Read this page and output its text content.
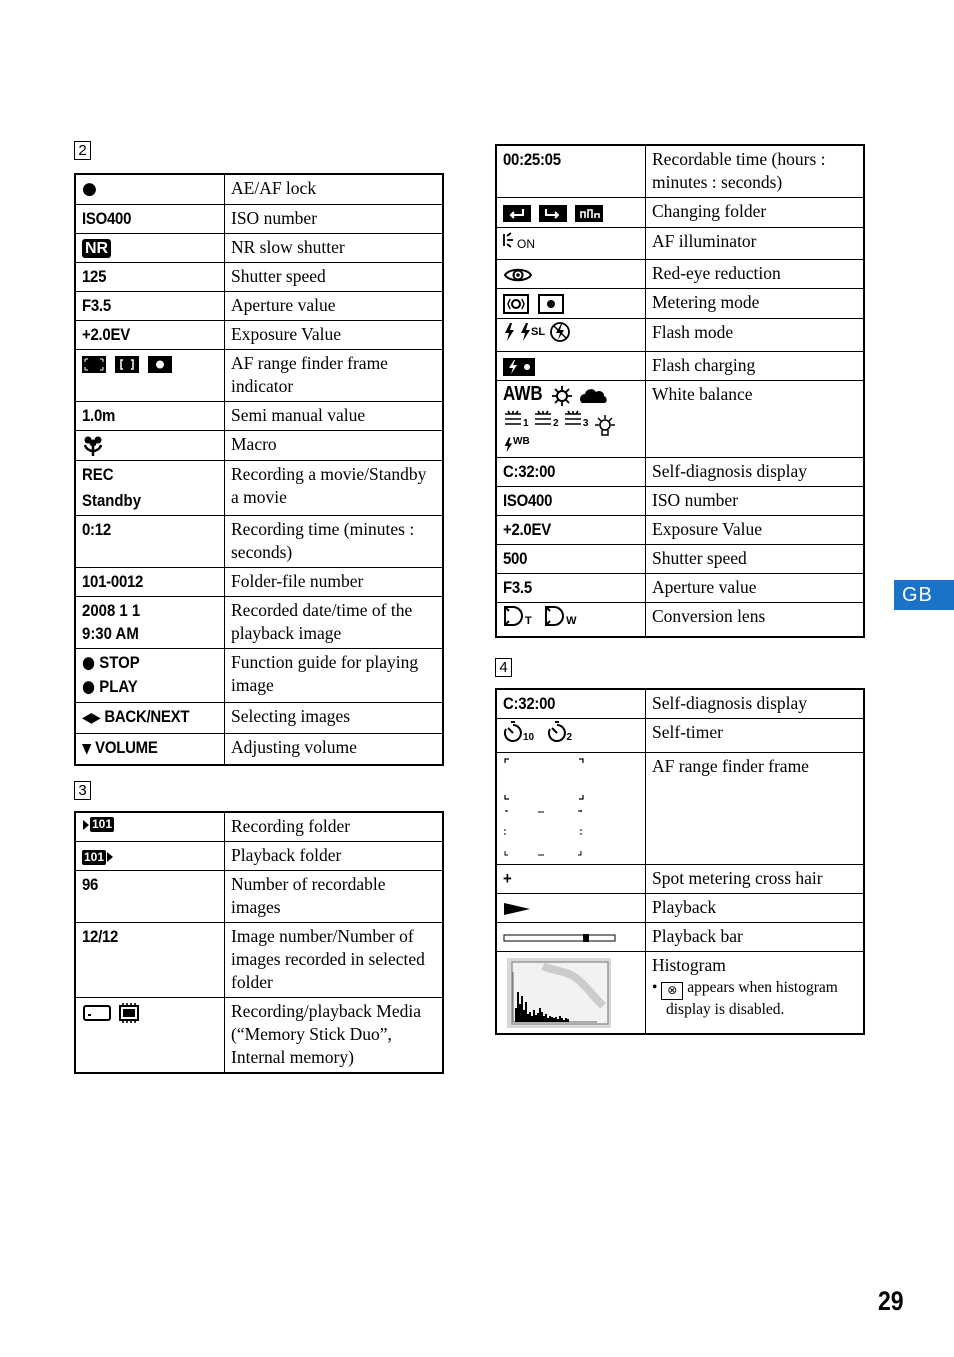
2
●	AE/AF lock
ISO400	ISO number
NR	NR slow shutter
125	Shutter speed
F3.5	Aperture value
+2.0EV	Exposure Value
	AF range finder frame indicator
1.0m	Semi manual value
	Macro

REC
Standby	Recording a movie/Standby a movie
0:12	Recording time (minutes : seconds)
101-0012	Folder-file number

2008 1 1
9:30 AM	Recorded date/time of the playback image

● STOP
● PLAY	Function guide for playing image
◀▶ BACK/NEXT	Selecting images
▼ VOLUME	Adjusting volume
3
101	Recording folder

101	Playback folder
96	Number of recordable images
12/12	Image number/Number of images recorded in selected folder
	Recording/playback Media (“Memory Stick Duo”, Internal memory)
00:25:05	Recordable time (hours : minutes : seconds)
	Changing folder

ON	AF illuminator
	Red-eye reduction
	Metering mode

SL	Flash mode
	Flash charging

AWB
1
2
3

WB	White balance
C:32:00	Self-diagnosis display
ISO400	ISO number
+2.0EV	Exposure Value
500	Shutter speed
F3.5	Aperture value

T
W	Conversion lens
4
C:32:00	Self-diagnosis display

10
2	Self-timer
	AF range finder frame
+	Spot metering cross hair
	Playback
	Playback bar

Histogram
• ⊗ appears when histogram display is disabled.
GB
29
